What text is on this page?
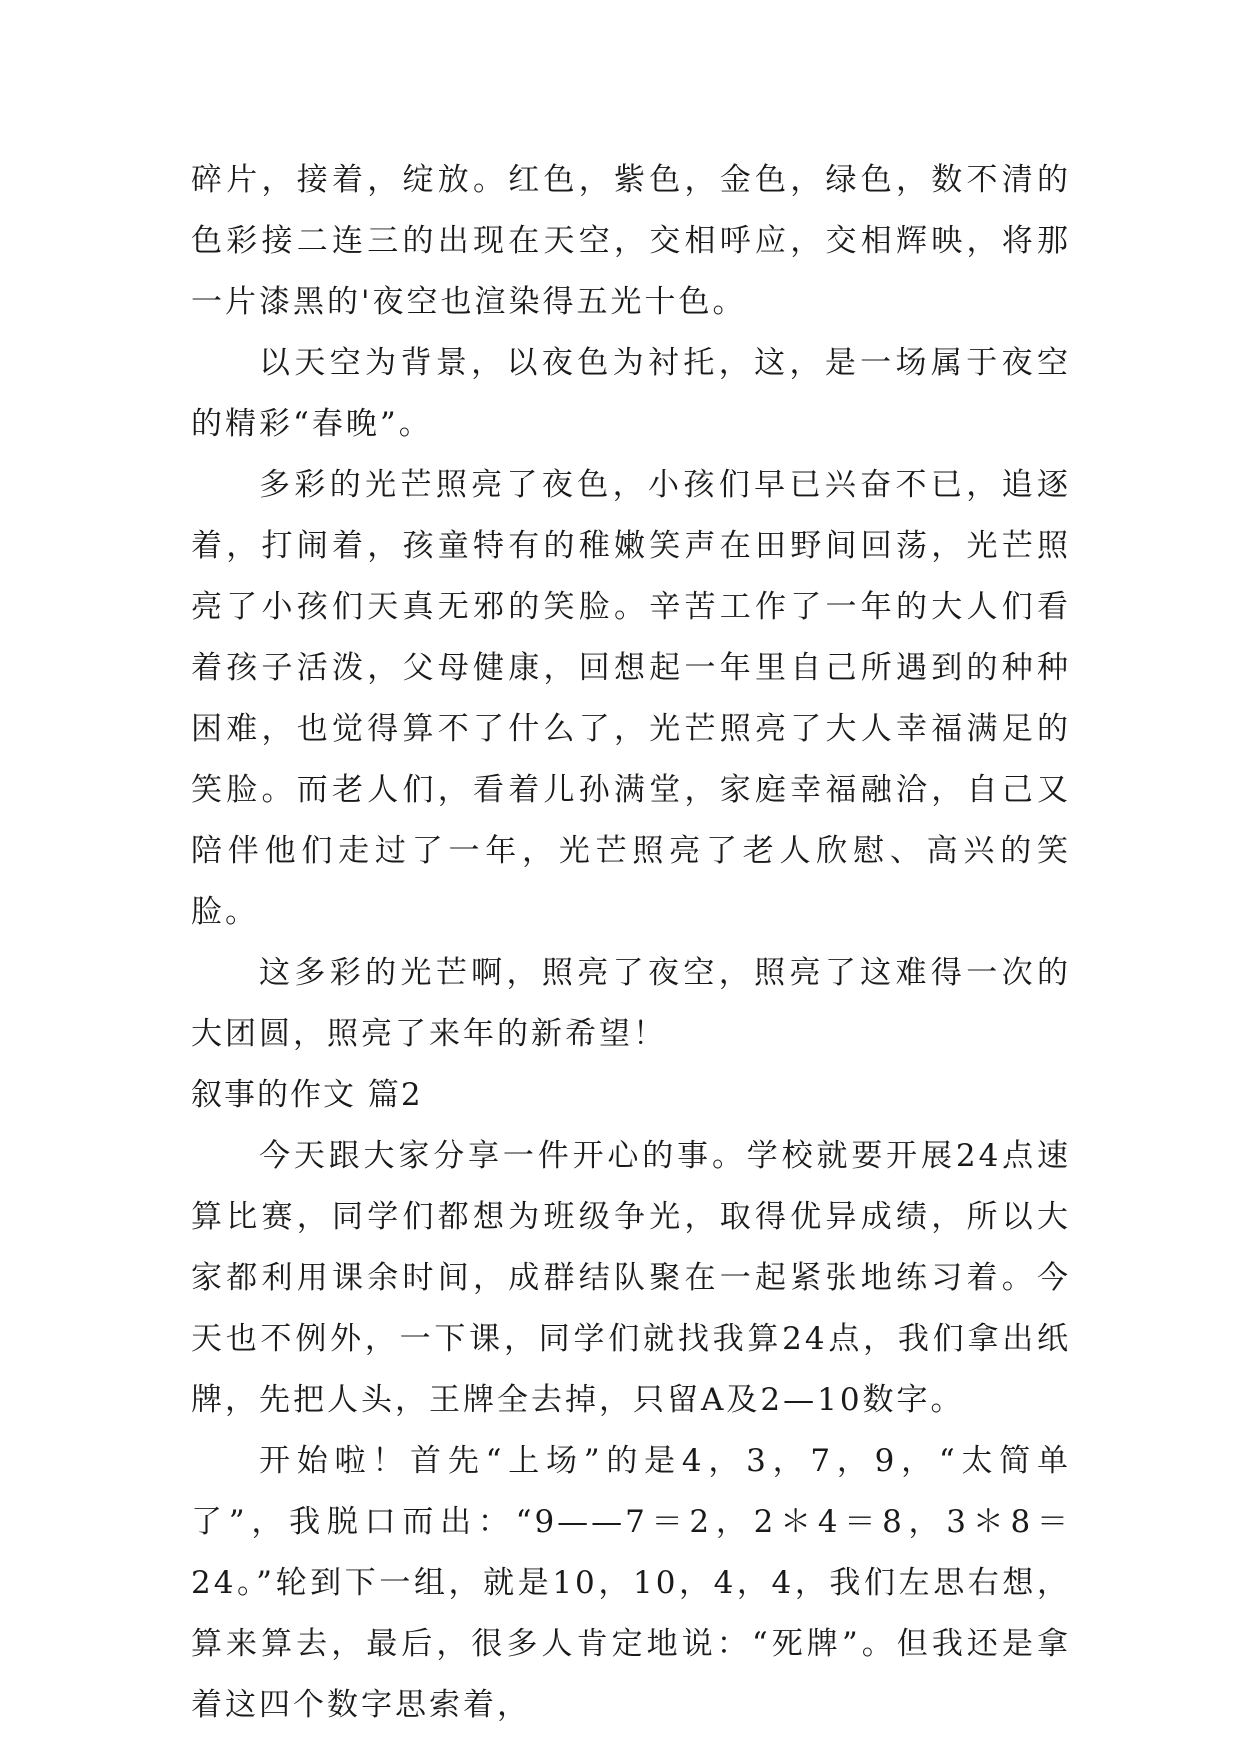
碎片，接着，绽放。红色，紫色，金色，绿色，数不清的色彩接二连三的出现在天空，交相呼应，交相辉映，将那一片漆黑的'夜空也渲染得五光十色。

以天空为背景，以夜色为衬托，这，是一场属于夜空的精彩“春晚”。

多彩的光芒照亮了夜色，小孩们早已兴奋不已，追逐着，打闹着，孩童特有的稚嫩笑声在田野间回荡，光芒照亮了小孩们天真无邪的笑脸。辛苦工作了一年的大人们看着孩子活泼，父母健康，回想起一年里自己所遇到的种种困难，也觉得算不了什么了，光芒照亮了大人幸福满足的笑脸。而老人们，看着儿孙满堂，家庭幸福融洽，自己又陪伴他们走过了一年，光芒照亮了老人欣慰、高兴的笑脸。

这多彩的光芒啊，照亮了夜空，照亮了这难得一次的大团圆，照亮了来年的新希望！

叙事的作文 篇2

今天跟大家分享一件开心的事。学校就要开展24点速算比赛，同学们都想为班级争光，取得优异成绩，所以大家都利用课余时间，成群结队聚在一起紧张地练习着。今天也不例外，一下课，同学们就找我算24点，我们拿出纸牌，先把人头，王牌全去掉，只留A及2—10数字。

开始啦！首先“上场”的是4，3，7，9，“太简单了”，我脱口而出：“9——7＝2，2＊4＝8，3＊8＝24。”轮到下一组，就是10，10，4，4，我们左思右想，算来算去，最后，很多人肯定地说：“死牌”。但我还是拿着这四个数字思索着，
